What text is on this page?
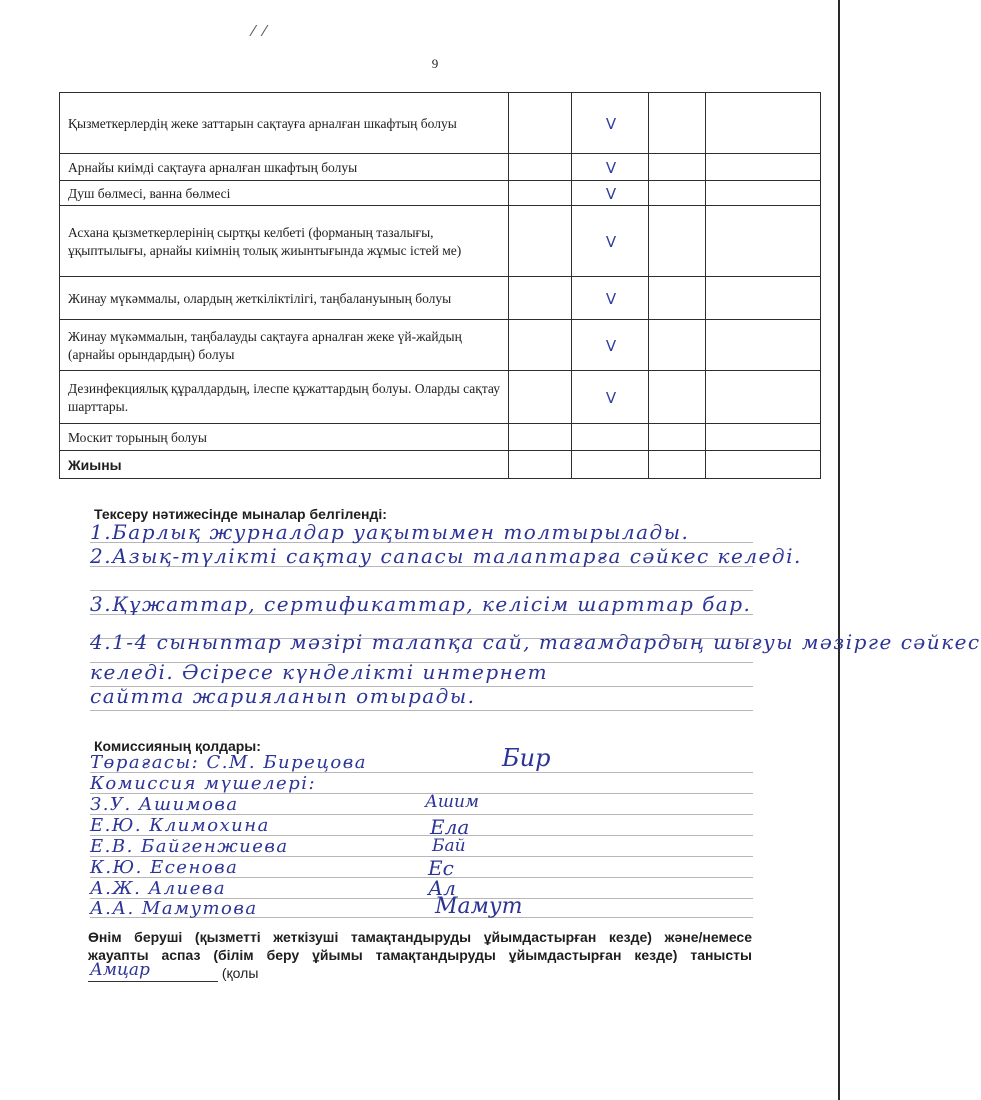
⁄ ⁄
9
Қызметкерлердің жеке заттарын сақтауға арналған шкафтың болуы		V		
Арнайы киімді сақтауға арналған шкафтың болуы		V		
Душ бөлмесі, ванна бөлмесі		V		
Асхана қызметкерлерінің сыртқы келбеті (форманың тазалығы, ұқыптылығы, арнайы киімнің толық жиынтығында жұмыс істей ме)		V		
Жинау мүкәммалы, олардың жеткіліктілігі, таңбалануының болуы		V		
Жинау мүкәммалын, таңбалауды сақтауға арналған жеке үй-жайдың (арнайы орындардың) болуы		V		
Дезинфекциялық құралдардың, ілеспе құжаттардың болуы. Оларды сақтау шарттары.		V		
Москит торының болуы				
Жиыны				
Тексеру нәтижесінде мыналар белгіленді:
1.Барлық журналдар уақытымен толтырылады.
2.Азық-түлікті сақтау сапасы талаптарға сәйкес келеді.
3.Құжаттар, сертификаттар, келісім шарттар бар.
4.1-4 сыныптар мәзірі талапқа сай, тағамдардың шығуы мәзірге сәйкес
келеді. Әсіресе күнделікті интернет
сайтта жарияланып отырады.
Комиссияның қолдары:
Төрағасы: С.М. Бирецова	Бир
Комиссия мүшелері:
З.У. Ашимова	Ашим
Е.Ю. Климохина	Ела
Е.В. Байгенжиева	Бай
К.Ю. Есенова	Ес
А.Ж. Алиева	Ал
А.А. Мамутова	Мамут
Өнім беруші (қызметті жеткізуші тамақтандыруды ұйымдастырған кезде) және/немесе жауапты аспаз (білім беру ұйымы тамақтандыруды ұйымдастырған кезде) танысты
Амцар	(қолы
